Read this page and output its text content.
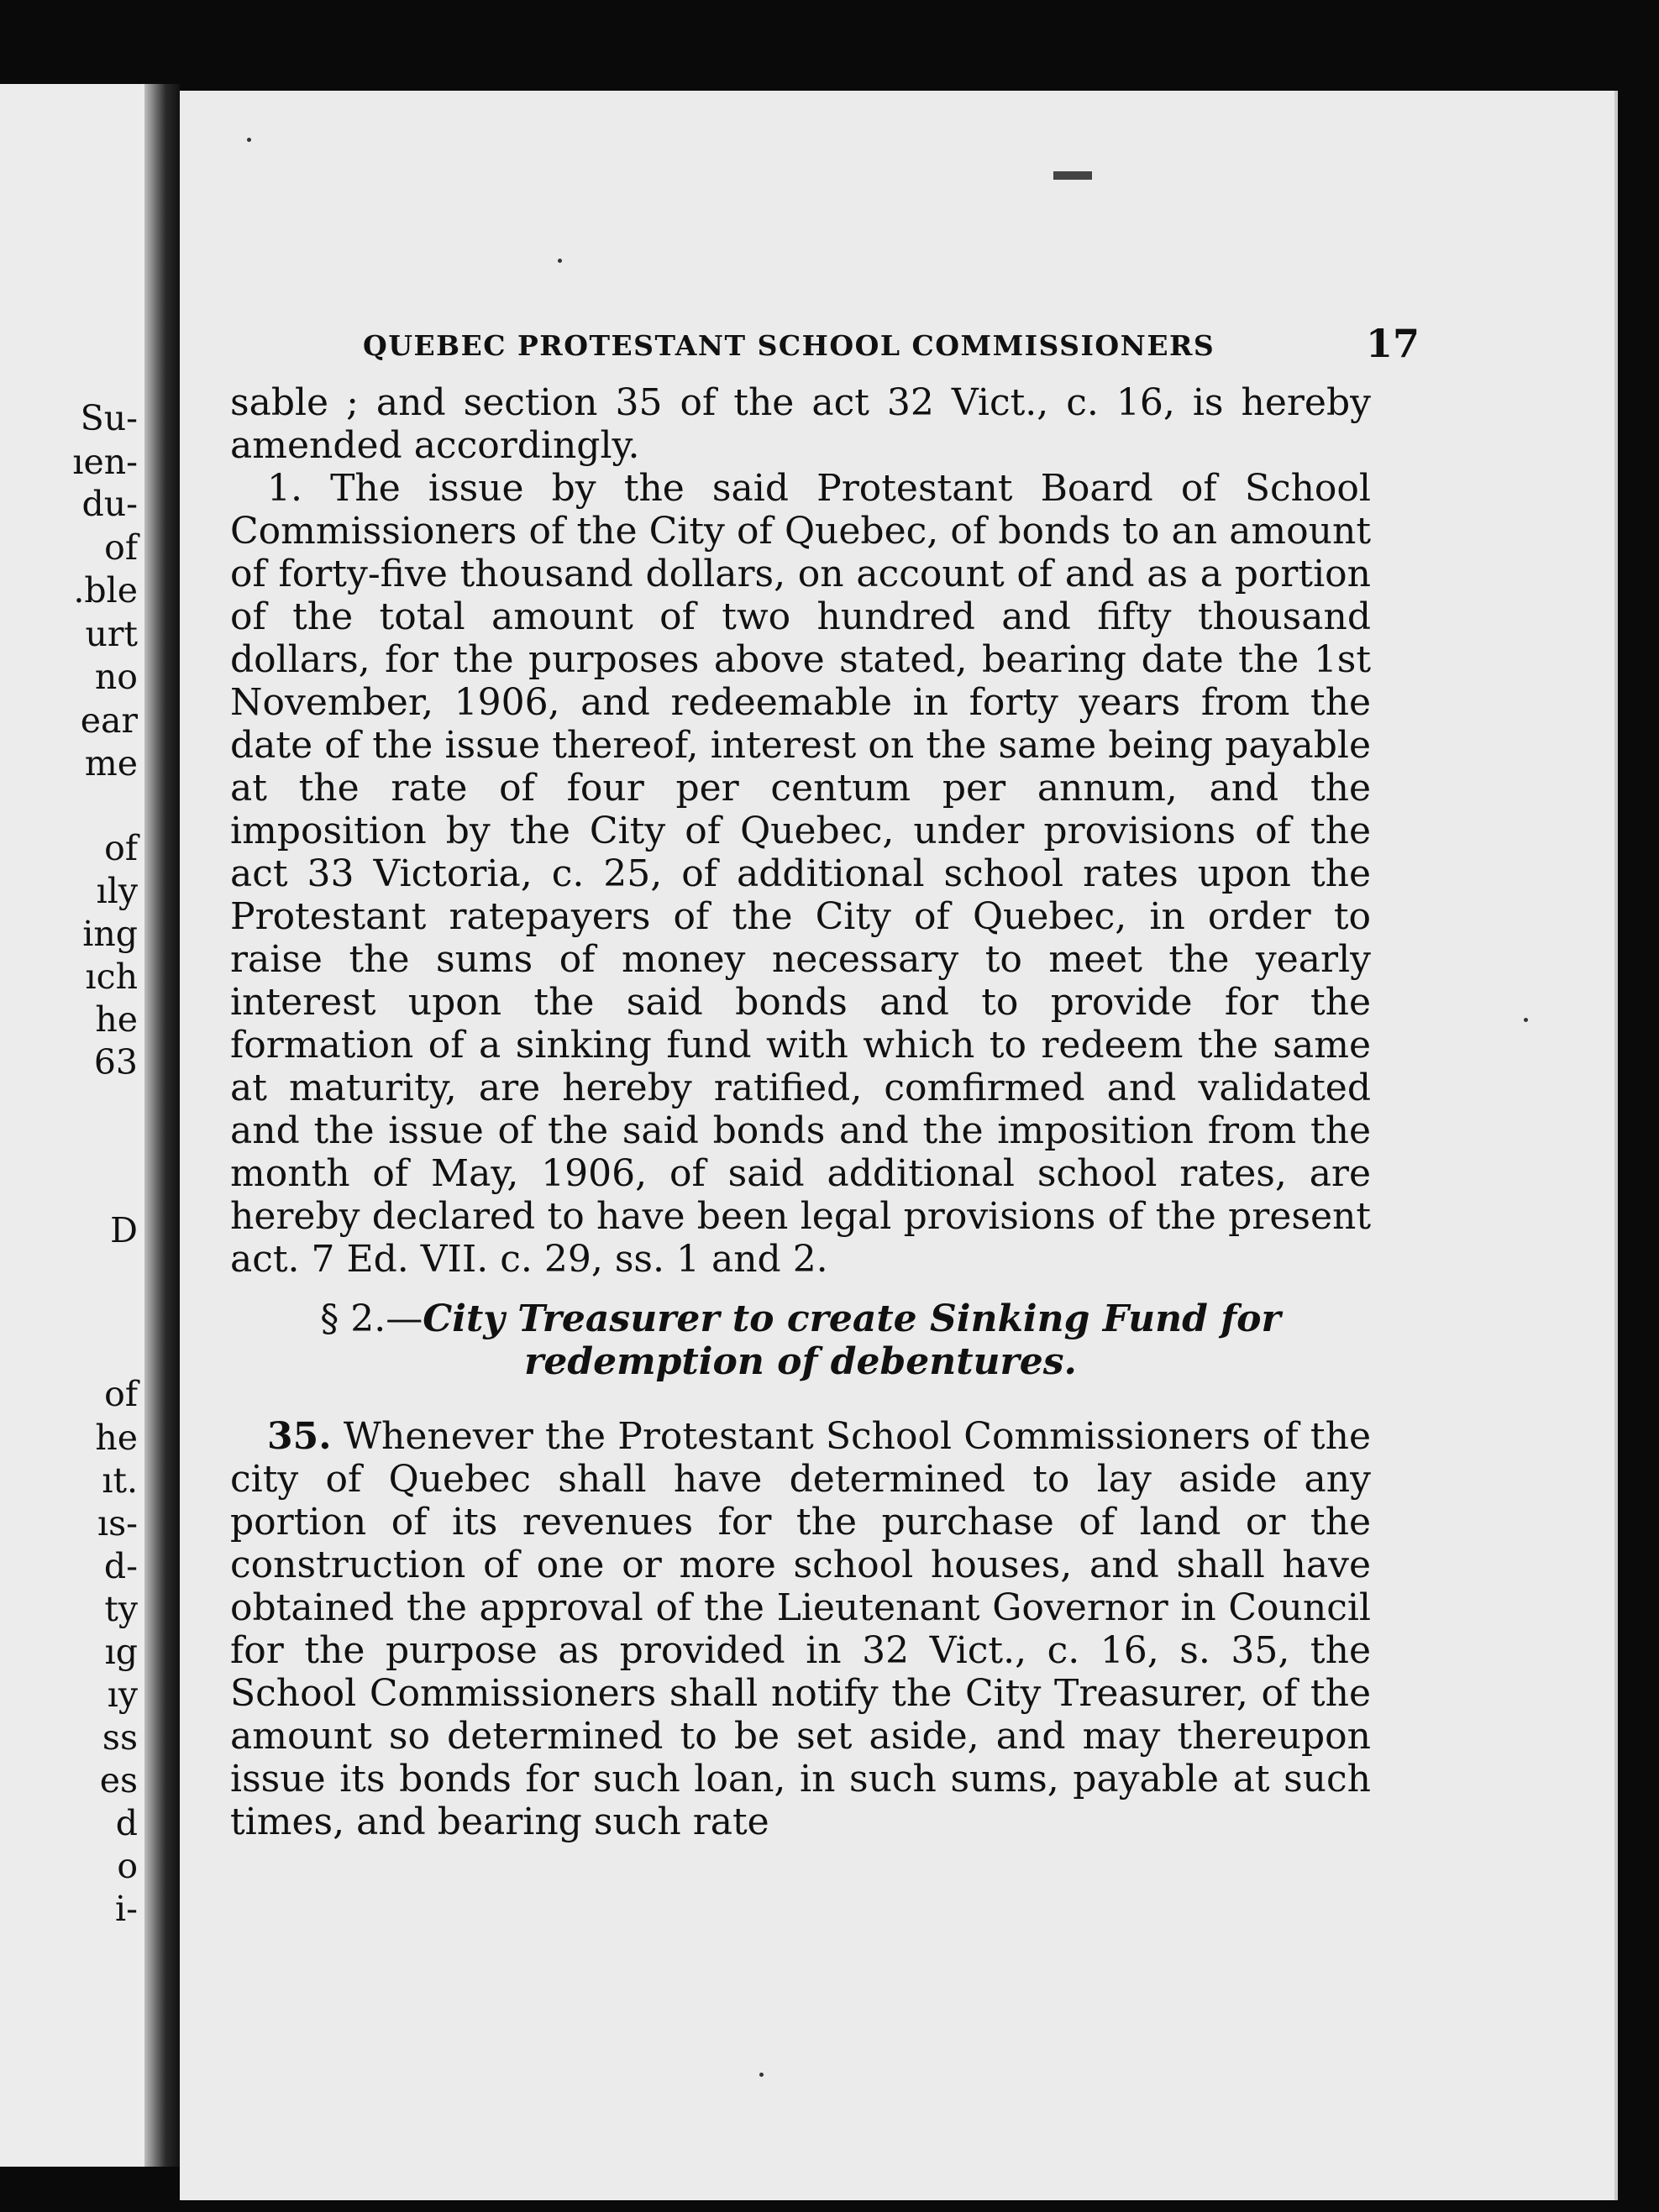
Su-
ıen-
du-
of
.ble
urt
no
ear
me
of
ıly
ing
ıch
he
63
D
of
he
ıt.
ıs-
d-
ty
ıg
ıy
ss
es
d
o
i-
QUEBEC PROTESTANT SCHOOL COMMISSIONERS	17

sable ; and section 35 of the act 32 Vict., c. 16, is hereby amended accordingly.

1. The issue by the said Protestant Board of School Commissioners of the City of Quebec, of bonds to an amount of forty-five thousand dollars, on account of and as a portion of the total amount of two hundred and fifty thousand dollars, for the purposes above stated, bearing date the 1st November, 1906, and redeemable in forty years from the date of the issue thereof, interest on the same being payable at the rate of four per centum per annum, and the imposition by the City of Quebec, under provisions of the act 33 Victoria, c. 25, of additional school rates upon the Protestant ratepayers of the City of Quebec, in order to raise the sums of money necessary to meet the yearly interest upon the said bonds and to provide for the formation of a sinking fund with which to redeem the same at maturity, are hereby ratified, comfirmed and validated and the issue of the said bonds and the imposition from the month of May, 1906, of said additional school rates, are hereby declared to have been legal provisions of the present act. 7 Ed. VII. c. 29, ss. 1 and 2.

§ 2.—City Treasurer to create Sinking Fund for redemption of debentures.

35. Whenever the Protestant School Commissioners of the city of Quebec shall have determined to lay aside any portion of its revenues for the purchase of land or the construction of one or more school houses, and shall have obtained the approval of the Lieutenant Governor in Council for the purpose as provided in 32 Vict., c. 16, s. 35, the School Commissioners shall notify the City Treasurer, of the amount so determined to be set aside, and may thereupon issue its bonds for such loan, in such sums, payable at such times, and bearing such rate
